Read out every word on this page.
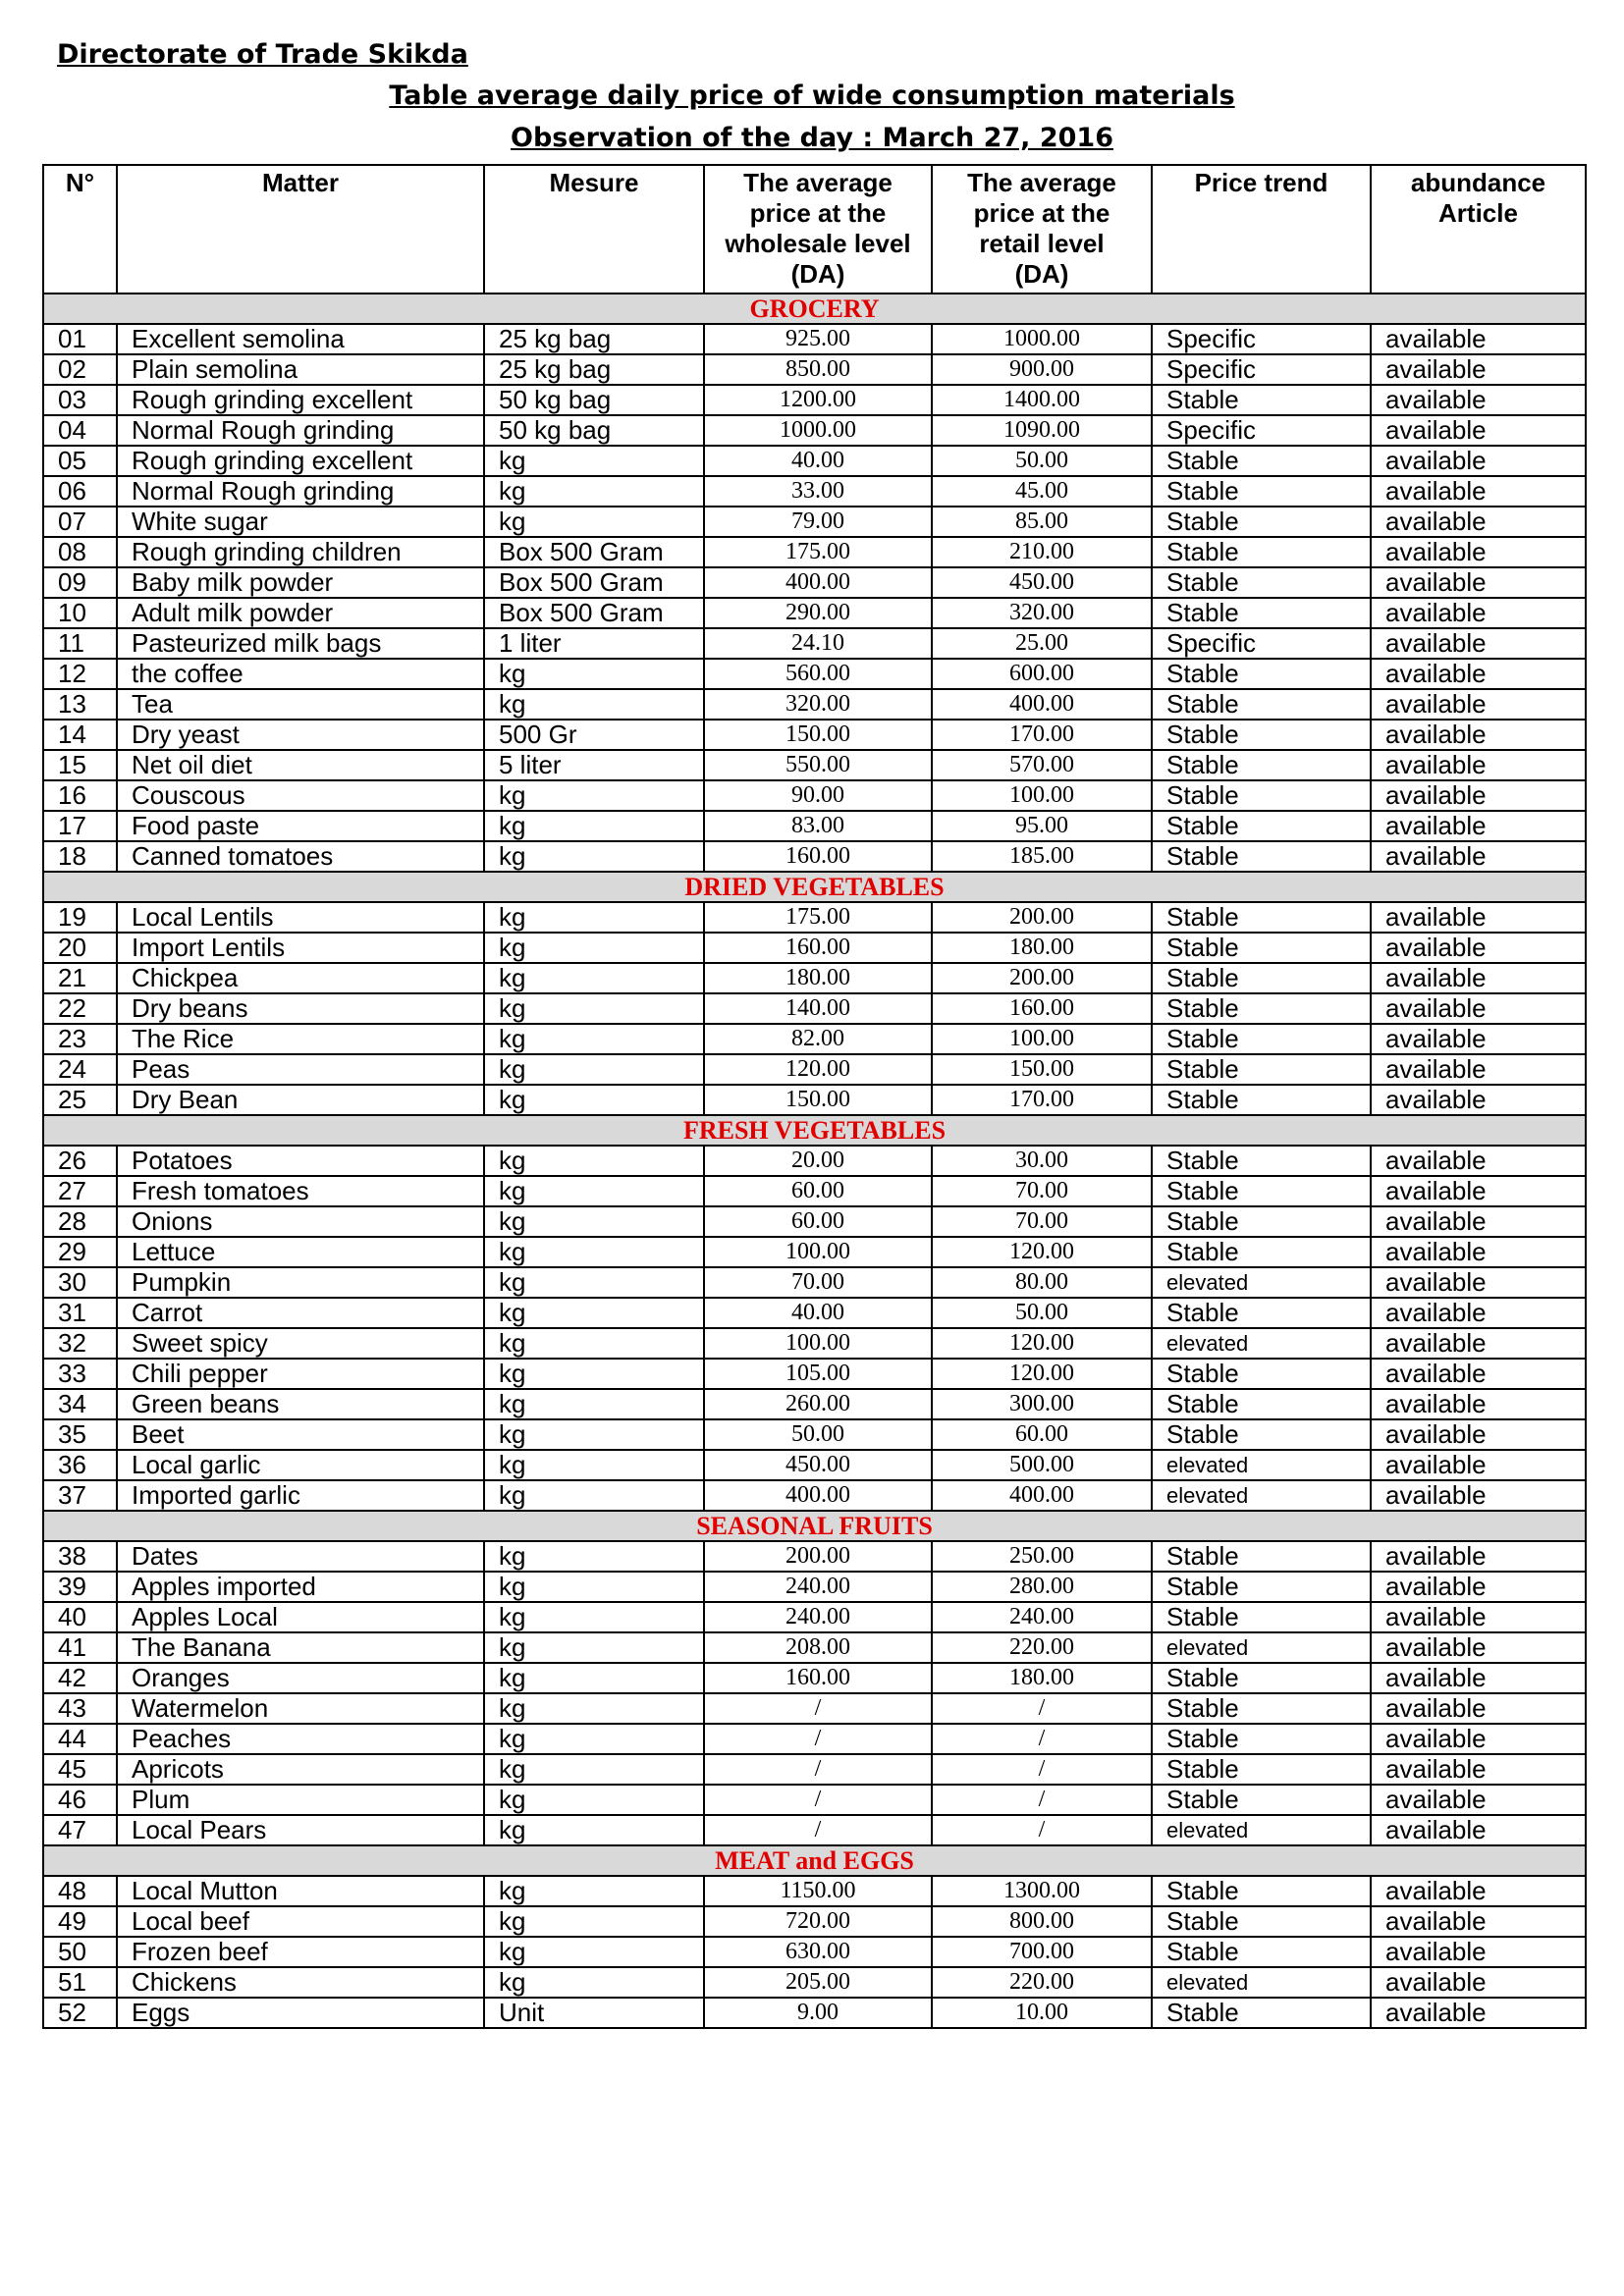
Directorate of Trade Skikda
Table average daily price of wide consumption materials
Observation of the day : March 27, 2016
N°	Matter	Mesure	The average price at the wholesale level (DA)	The average price at the retail level (DA)	Price trend	abundance Article
GROCERY						
01	Excellent semolina	25 kg bag	925.00	1000.00	Specific	available
02	Plain semolina	25 kg bag	850.00	900.00	Specific	available
03	Rough grinding excellent	50 kg bag	1200.00	1400.00	Stable	available
04	Normal Rough grinding	50 kg bag	1000.00	1090.00	Specific	available
05	Rough grinding excellent	kg	40.00	50.00	Stable	available
06	Normal Rough grinding	kg	33.00	45.00	Stable	available
07	White sugar	kg	79.00	85.00	Stable	available
08	Rough grinding children	Box 500 Gram	175.00	210.00	Stable	available
09	Baby milk powder	Box 500 Gram	400.00	450.00	Stable	available
10	Adult milk powder	Box 500 Gram	290.00	320.00	Stable	available
11	Pasteurized milk bags	1 liter	24.10	25.00	Specific	available
12	the coffee	kg	560.00	600.00	Stable	available
13	Tea	kg	320.00	400.00	Stable	available
14	Dry yeast	500 Gr	150.00	170.00	Stable	available
15	Net oil diet	5 liter	550.00	570.00	Stable	available
16	Couscous	kg	90.00	100.00	Stable	available
17	Food paste	kg	83.00	95.00	Stable	available
18	Canned tomatoes	kg	160.00	185.00	Stable	available
DRIED VEGETABLES						
19	Local Lentils	kg	175.00	200.00	Stable	available
20	Import Lentils	kg	160.00	180.00	Stable	available
21	Chickpea	kg	180.00	200.00	Stable	available
22	Dry beans	kg	140.00	160.00	Stable	available
23	The Rice	kg	82.00	100.00	Stable	available
24	Peas	kg	120.00	150.00	Stable	available
25	Dry Bean	kg	150.00	170.00	Stable	available
FRESH VEGETABLES						
26	Potatoes	kg	20.00	30.00	Stable	available
27	Fresh tomatoes	kg	60.00	70.00	Stable	available
28	Onions	kg	60.00	70.00	Stable	available
29	Lettuce	kg	100.00	120.00	Stable	available
30	Pumpkin	kg	70.00	80.00	elevated	available
31	Carrot	kg	40.00	50.00	Stable	available
32	Sweet spicy	kg	100.00	120.00	elevated	available
33	Chili pepper	kg	105.00	120.00	Stable	available
34	Green beans	kg	260.00	300.00	Stable	available
35	Beet	kg	50.00	60.00	Stable	available
36	Local garlic	kg	450.00	500.00	elevated	available
37	Imported garlic	kg	400.00	400.00	elevated	available
SEASONAL FRUITS						
38	Dates	kg	200.00	250.00	Stable	available
39	Apples imported	kg	240.00	280.00	Stable	available
40	Apples Local	kg	240.00	240.00	Stable	available
41	The Banana	kg	208.00	220.00	elevated	available
42	Oranges	kg	160.00	180.00	Stable	available
43	Watermelon	kg	/	/	Stable	available
44	Peaches	kg	/	/	Stable	available
45	Apricots	kg	/	/	Stable	available
46	Plum	kg	/	/	Stable	available
47	Local Pears	kg	/	/	elevated	available
MEAT and EGGS						
48	Local Mutton	kg	1150.00	1300.00	Stable	available
49	Local beef	kg	720.00	800.00	Stable	available
50	Frozen beef	kg	630.00	700.00	Stable	available
51	Chickens	kg	205.00	220.00	elevated	available
52	Eggs	Unit	9.00	10.00	Stable	available
